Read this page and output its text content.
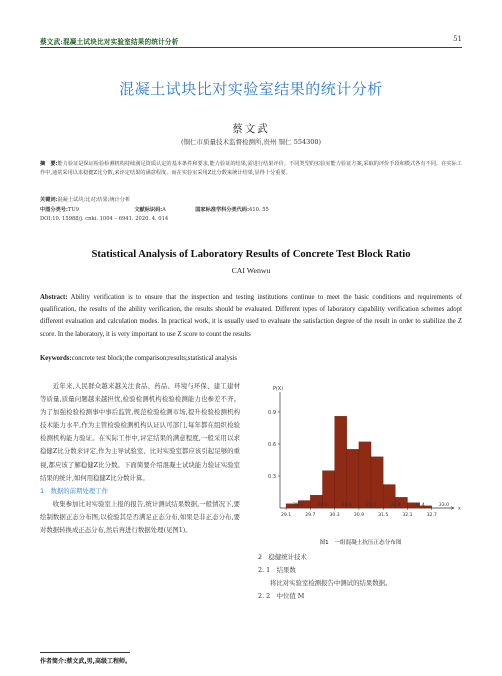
蔡文武:混凝土试块比对实验室结果的统计分析	51
混凝土试块比对实验室结果的统计分析
蔡文武
(铜仁市质量技术监督检测所,贵州 铜仁 554300)
摘　要:能力验证是保证检验检测机构持续满足资质认定的基本条件和要求,能力验证的结果,需进行结果评价。不同类型的实验室能力验证方案,采取的评价手段和模式各有不同。在实际工作中,通常采用以求稳健Z比分数,来评定结果的满意程度。而在实验室采用Z比分数来统计结果,显得十分重要。
关键词:混凝土试块;比对;结果;统计分析
中图分类号:TU9	文献标识码:A	国家标准学科分类代码:410. 55
DOI:10. 15988/j. cnki. 1004 – 6941. 2020. 4. 014
Statistical Analysis of Laboratory Results of Concrete Test Block Ratio
CAI Wenwu
Abstract: Ability verification is to ensure that the inspection and testing institutions continue to meet the basic conditions and requirements of qualification, the results of the ability verification, the results should be evaluated. Different types of laboratory capability verification schemes adopt different evaluation and calculation modes. In practical work, it is usually used to evaluate the satisfaction degree of the result in order to stabilize the Z score. In the laboratory, it is very important to use Z score to count the results
Keywords:concrete test block;the comparison;results;statistical analysis

近年来,人民群众越来越关注食品、药品、环境与环保、建工建材等质量,质量问题越来越担忧,检验检测机构检验检测能力也参差不齐。为了加强检验检测事中事后监管,规范检验检测市场,提升检验检测机构技术能力水平,作为主管检验检测机构认证认可部门,每年都在组织检验检测机构能力验证。在实际工作中,评定结果的满意程度,一般采用以求稳健Z比分数来评定,作为主导试验室、比对实验室都应该引起足够的重视,都应该了解稳健Z比分数。下面简要介绍混凝土试块能力验证实验室结果的统计,如何用稳健Z比分数计算。

1　数据的前期处理工作

收集参加比对实验室上报的报告,统计测试结果数据,一般情况下,要绘制数据正态分布图,以检验其是否满足正态分布,如果是非正态分布,要对数据转换成正态分布,然后再进行数据处理(见图1)。

P(X)
0.9
0.6
0.3
29.4	30.0	30.6	31.2	31.8	32.4	33.0
29.1	29.7	30.3	30.9	31.5	32.1	32.7
x
图1　一组混凝土抗压正态分布图
2　稳健统计技术
2. 1　结果数
将比对实验室检测报告中测试的结果数据。
2. 2　中位值 M
作者简介:蔡文武,男,高级工程师。
